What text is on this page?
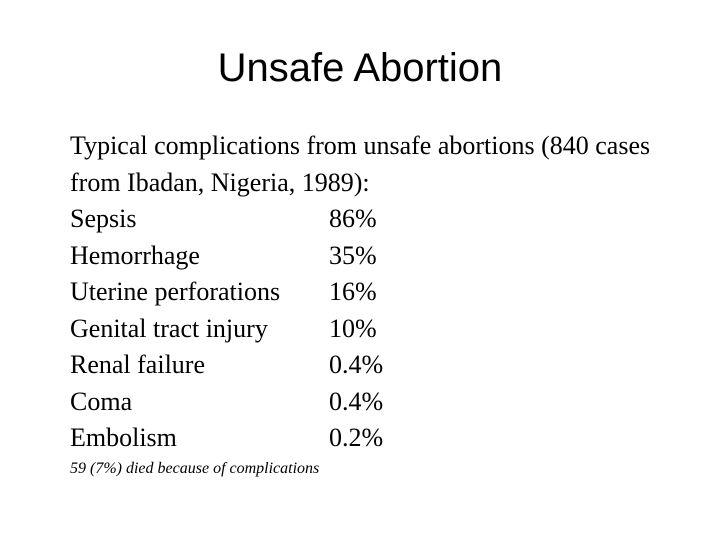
Unsafe Abortion

Typical complications from unsafe abortions (840 cases from Ibadan, Nigeria, 1989):

Sepsis	86%
Hemorrhage	35%
Uterine perforations	16%
Genital tract injury	10%
Renal failure	0.4%
Coma	0.4%
Embolism	0.2%

59 (7%) died because of complications
